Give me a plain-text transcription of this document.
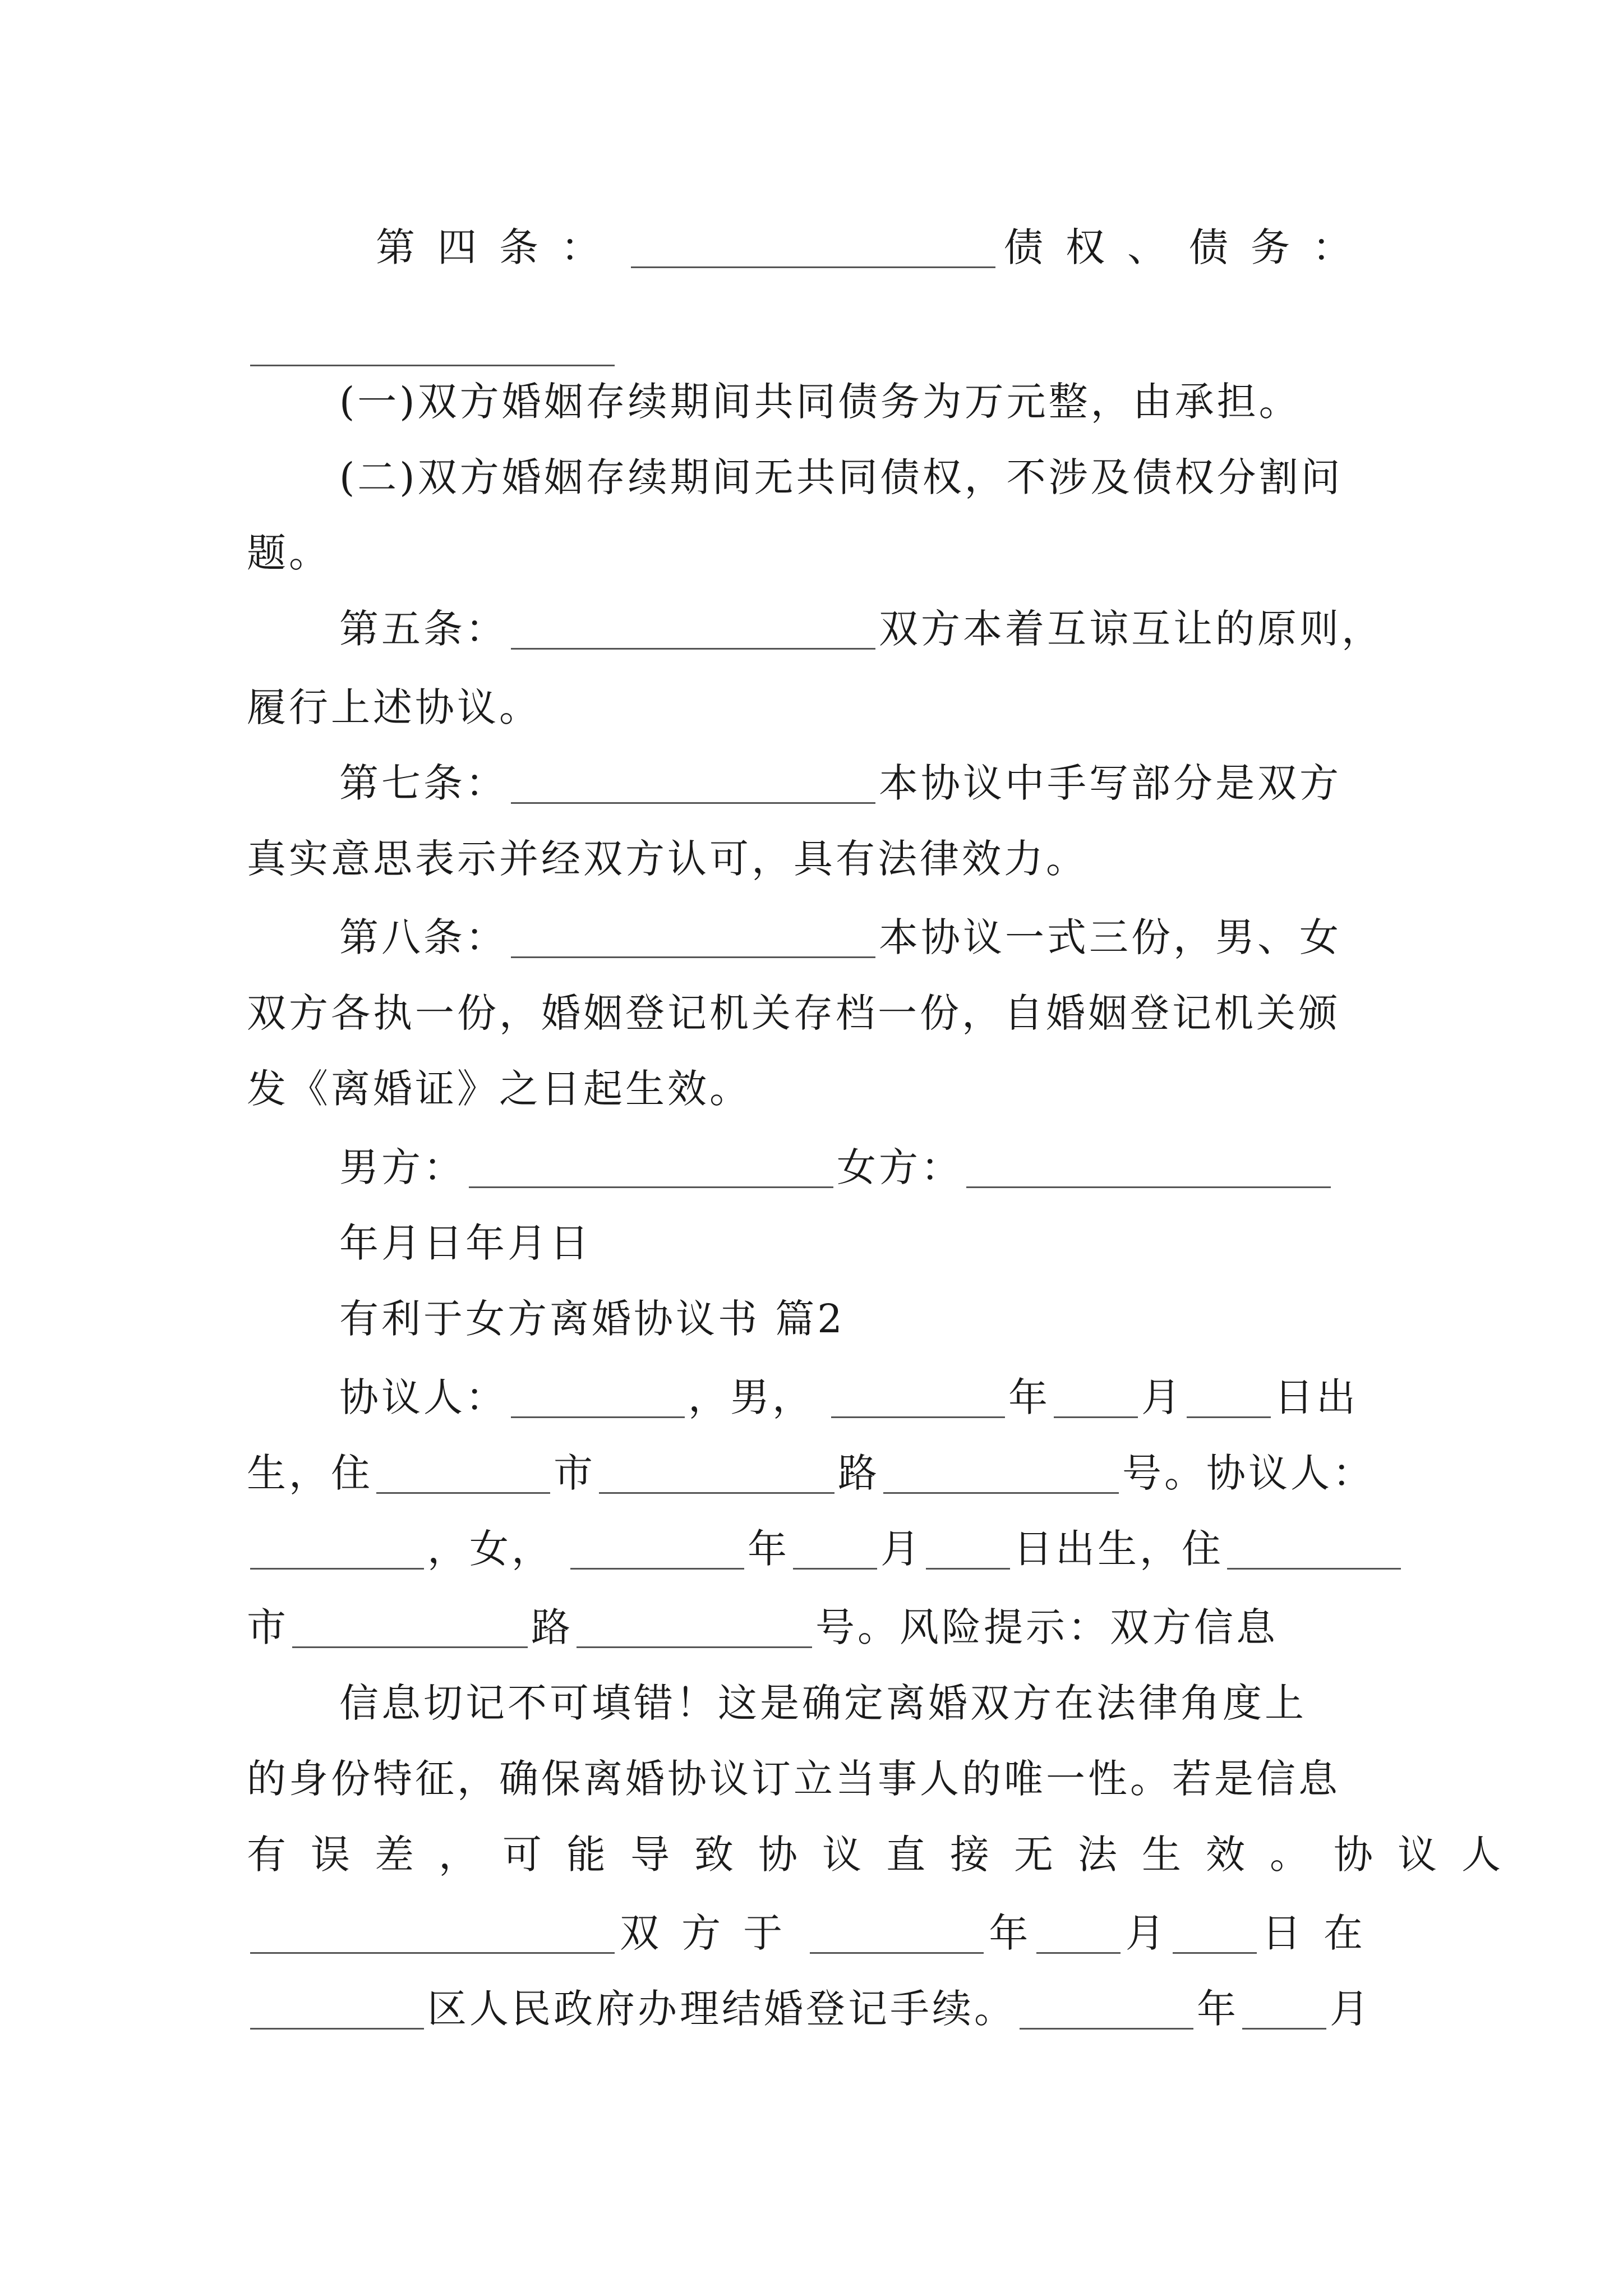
第四条：	债权、债务：
(一)双方婚姻存续期间共同债务为万元整，由承担。
(二)双方婚姻存续期间无共同债权，不涉及债权分割问
题。
第五条：	双方本着互谅互让的原则，
履行上述协议。
第七条：	本协议中手写部分是双方
真实意思表示并经双方认可，具有法律效力。
第八条：	本协议一式三份，男、女
双方各执一份，婚姻登记机关存档一份，自婚姻登记机关颁
发《离婚证》之日起生效。
男方：	女方：
年月日年月日
有利于女方离婚协议书 篇2
协议人：	，男，	年 月 日出
生，住	市	路	号。协议人：
，女，	年 月 日出生，住
市	路	号。风险提示：双方信息
信息切记不可填错！这是确定离婚双方在法律角度上
的身份特征，确保离婚协议订立当事人的唯一性。若是信息
有误差，可能导致协议直接无法生效。协议人
双方于	年 月 日在
区人民政府办理结婚登记手续。	年 月
